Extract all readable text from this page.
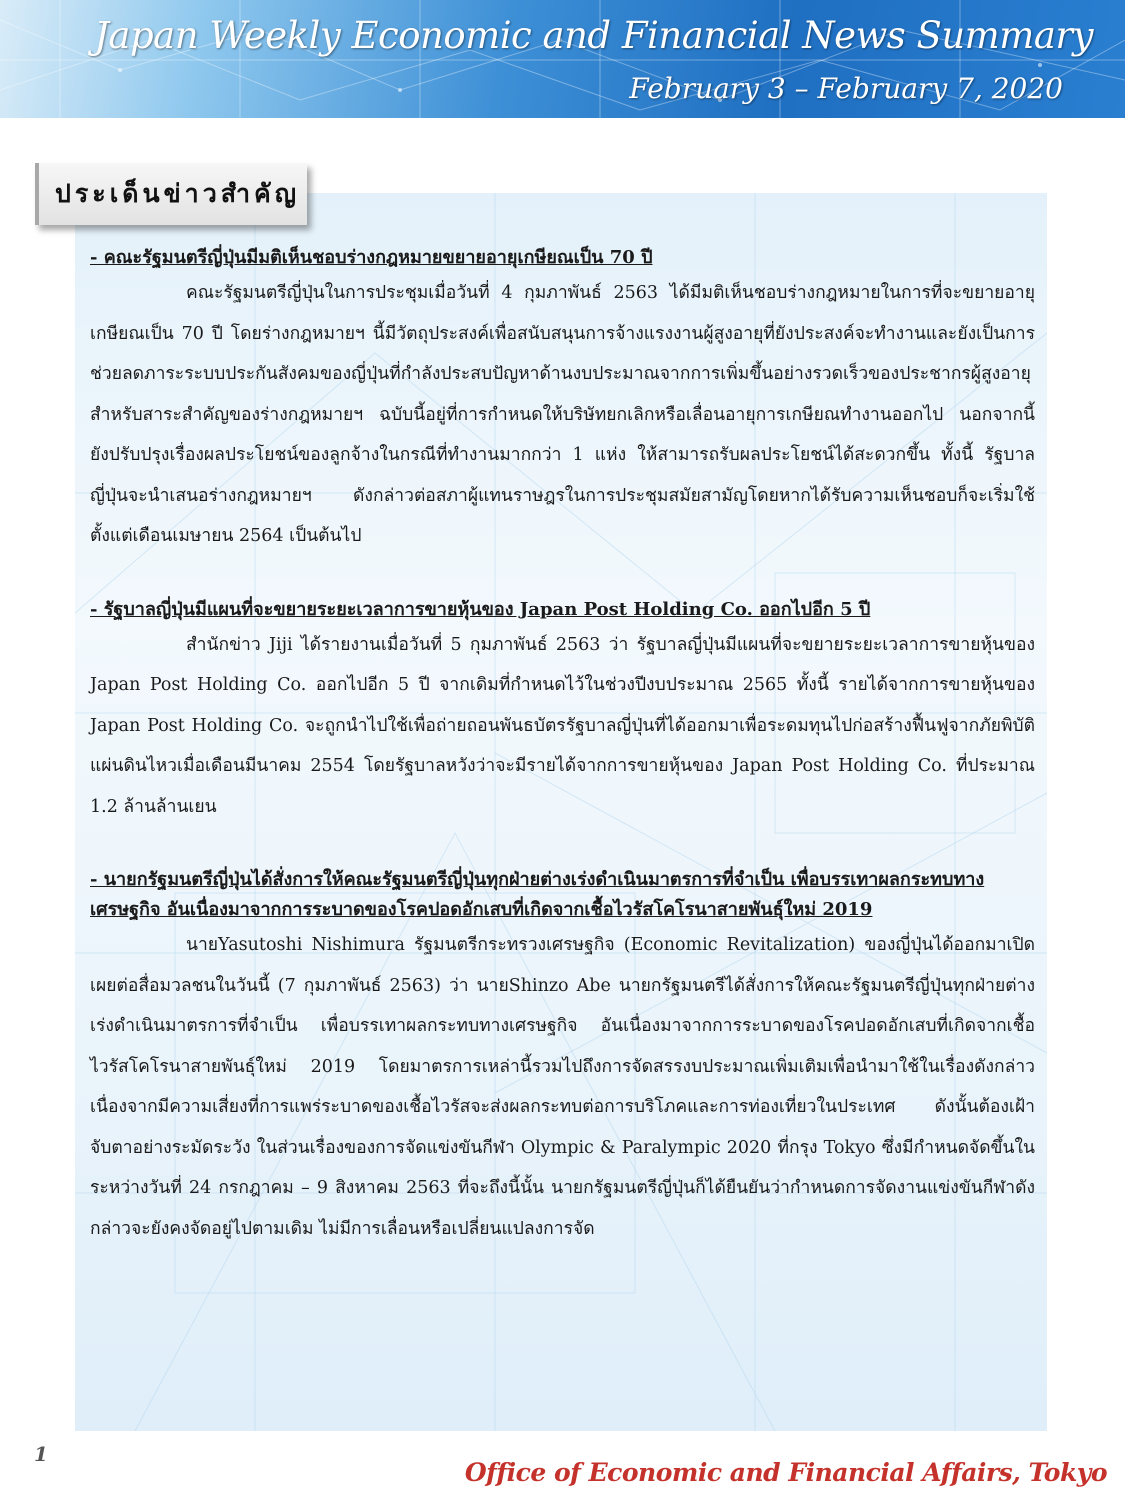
Japan Weekly Economic and Financial News Summary
February 3 – February 7, 2020
ประเด็นข่าวสำคัญ

- คณะรัฐมนตรีญี่ปุ่นมีมติเห็นชอบร่างกฎหมายขยายอายุเกษียณเป็น 70 ปี

คณะรัฐมนตรีญี่ปุ่นในการประชุมเมื่อวันที่ 4 กุมภาพันธ์ 2563 ได้มีมติเห็นชอบร่างกฎหมายในการที่จะขยายอายุเกษียณเป็น 70 ปี โดยร่างกฎหมายฯ นี้มีวัตถุประสงค์เพื่อสนับสนุนการจ้างแรงงานผู้สูงอายุที่ยังประสงค์จะทำงานและยังเป็นการช่วยลดภาระระบบประกันสังคมของญี่ปุ่นที่กำลังประสบปัญหาด้านงบประมาณจากการเพิ่มขึ้นอย่างรวดเร็วของประชากรผู้สูงอายุ สำหรับสาระสำคัญของร่างกฎหมายฯ ฉบับนี้อยู่ที่การกำหนดให้บริษัทยกเลิกหรือเลื่อนอายุการเกษียณทำงานออกไป นอกจากนี้ ยังปรับปรุงเรื่องผลประโยชน์ของลูกจ้างในกรณีที่ทำงานมากกว่า 1 แห่ง ให้สามารถรับผลประโยชน์ได้สะดวกขึ้น ทั้งนี้ รัฐบาลญี่ปุ่นจะนำเสนอร่างกฎหมายฯ ดังกล่าวต่อสภาผู้แทนราษฎรในการประชุมสมัยสามัญโดยหากได้รับความเห็นชอบก็จะเริ่มใช้ตั้งแต่เดือนเมษายน 2564 เป็นต้นไป

- รัฐบาลญี่ปุ่นมีแผนที่จะขยายระยะเวลาการขายหุ้นของ Japan Post Holding Co. ออกไปอีก 5 ปี

สำนักข่าว Jiji ได้รายงานเมื่อวันที่ 5 กุมภาพันธ์ 2563 ว่า รัฐบาลญี่ปุ่นมีแผนที่จะขยายระยะเวลาการขายหุ้นของ Japan Post Holding Co. ออกไปอีก 5 ปี จากเดิมที่กำหนดไว้ในช่วงปีงบประมาณ 2565 ทั้งนี้ รายได้จากการขายหุ้นของ Japan Post Holding Co. จะถูกนำไปใช้เพื่อถ่ายถอนพันธบัตรรัฐบาลญี่ปุ่นที่ได้ออกมาเพื่อระดมทุนไปก่อสร้างฟื้นฟูจากภัยพิบัติแผ่นดินไหวเมื่อเดือนมีนาคม 2554 โดยรัฐบาลหวังว่าจะมีรายได้จากการขายหุ้นของ Japan Post Holding Co. ที่ประมาณ 1.2 ล้านล้านเยน

- นายกรัฐมนตรีญี่ปุ่นได้สั่งการให้คณะรัฐมนตรีญี่ปุ่นทุกฝ่ายต่างเร่งดำเนินมาตรการที่จำเป็น เพื่อบรรเทาผลกระทบทางเศรษฐกิจ อันเนื่องมาจากการระบาดของโรคปอดอักเสบที่เกิดจากเชื้อไวรัสโคโรนาสายพันธุ์ใหม่ 2019

นายYasutoshi Nishimura รัฐมนตรีกระทรวงเศรษฐกิจ (Economic Revitalization) ของญี่ปุ่นได้ออกมาเปิดเผยต่อสื่อมวลชนในวันนี้ (7 กุมภาพันธ์ 2563) ว่า นายShinzo Abe นายกรัฐมนตรีได้สั่งการให้คณะรัฐมนตรีญี่ปุ่นทุกฝ่ายต่างเร่งดำเนินมาตรการที่จำเป็น เพื่อบรรเทาผลกระทบทางเศรษฐกิจ อันเนื่องมาจากการระบาดของโรคปอดอักเสบที่เกิดจากเชื้อไวรัสโคโรนาสายพันธุ์ใหม่ 2019 โดยมาตรการเหล่านี้รวมไปถึงการจัดสรรงบประมาณเพิ่มเติมเพื่อนำมาใช้ในเรื่องดังกล่าว เนื่องจากมีความเสี่ยงที่การแพร่ระบาดของเชื้อไวรัสจะส่งผลกระทบต่อการบริโภคและการท่องเที่ยวในประเทศ ดังนั้นต้องเฝ้าจับตาอย่างระมัดระวัง ในส่วนเรื่องของการจัดแข่งขันกีฬา Olympic & Paralympic 2020 ที่กรุง Tokyo ซึ่งมีกำหนดจัดขึ้นในระหว่างวันที่ 24 กรกฎาคม – 9 สิงหาคม 2563 ที่จะถึงนี้นั้น นายกรัฐมนตรีญี่ปุ่นก็ได้ยืนยันว่ากำหนดการจัดงานแข่งขันกีฬาดังกล่าวจะยังคงจัดอยู่ไปตามเดิม ไม่มีการเลื่อนหรือเปลี่ยนแปลงการจัด

1
Office of Economic and Financial Affairs, Tokyo
